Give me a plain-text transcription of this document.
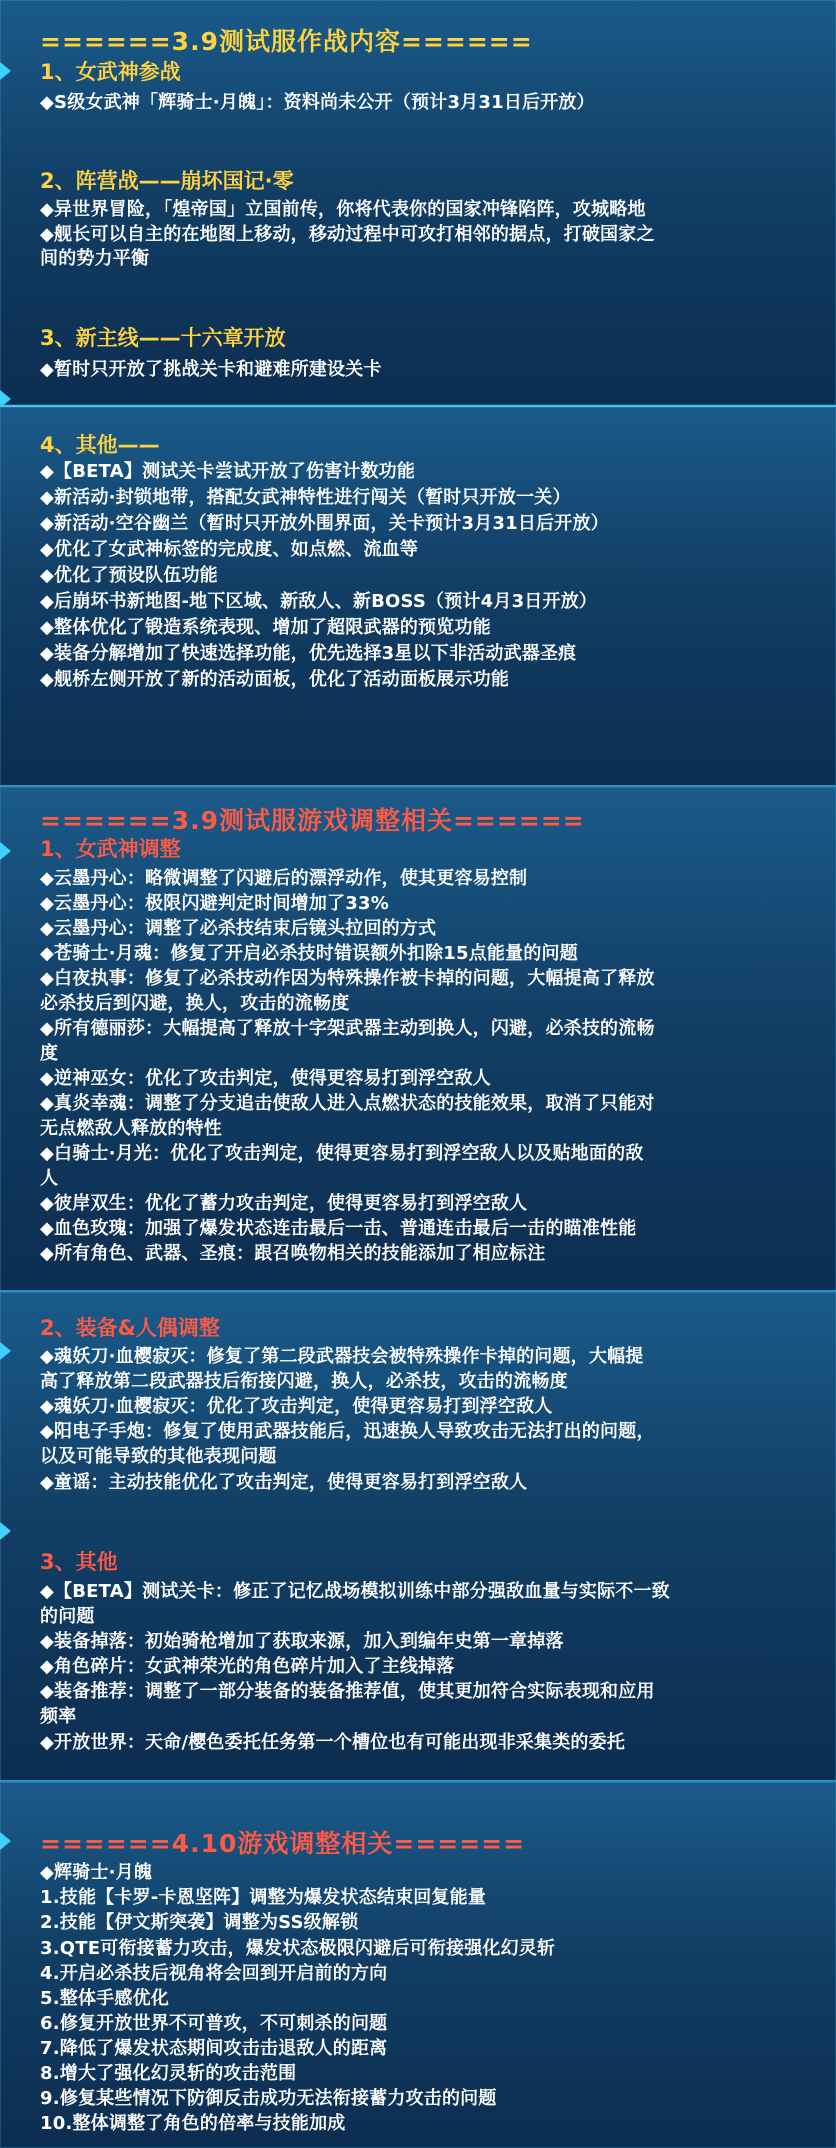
======3.9测试服作战内容======
1、女武神参战
◆S级女武神「辉骑士·月魄」：资料尚未公开（预计3月31日后开放）
2、阵营战——崩坏国记·零
◆异世界冒险，「煌帝国」立国前传，你将代表你的国家冲锋陷阵，攻城略地
◆舰长可以自主的在地图上移动，移动过程中可攻打相邻的据点，打破国家之
间的势力平衡
3、新主线——十六章开放
◆暂时只开放了挑战关卡和避难所建设关卡
4、其他——
◆【BETA】测试关卡尝试开放了伤害计数功能
◆新活动·封锁地带，搭配女武神特性进行闯关（暂时只开放一关）
◆新活动·空谷幽兰（暂时只开放外围界面，关卡预计3月31日后开放）
◆优化了女武神标签的完成度、如点燃、流血等
◆优化了预设队伍功能
◆后崩坏书新地图-地下区域、新敌人、新BOSS（预计4月3日开放）
◆整体优化了锻造系统表现、增加了超限武器的预览功能
◆装备分解增加了快速选择功能，优先选择3星以下非活动武器圣痕
◆舰桥左侧开放了新的活动面板，优化了活动面板展示功能
======3.9测试服游戏调整相关======
1、女武神调整
◆云墨丹心：略微调整了闪避后的漂浮动作，使其更容易控制
◆云墨丹心：极限闪避判定时间增加了33%
◆云墨丹心：调整了必杀技结束后镜头拉回的方式
◆苍骑士·月魂：修复了开启必杀技时错误额外扣除15点能量的问题
◆白夜执事：修复了必杀技动作因为特殊操作被卡掉的问题，大幅提高了释放
必杀技后到闪避，换人，攻击的流畅度
◆所有德丽莎：大幅提高了释放十字架武器主动到换人，闪避，必杀技的流畅
度
◆逆神巫女：优化了攻击判定，使得更容易打到浮空敌人
◆真炎幸魂：调整了分支追击使敌人进入点燃状态的技能效果，取消了只能对
无点燃敌人释放的特性
◆白骑士·月光：优化了攻击判定，使得更容易打到浮空敌人以及贴地面的敌
人
◆彼岸双生：优化了蓄力攻击判定，使得更容易打到浮空敌人
◆血色玫瑰：加强了爆发状态连击最后一击、普通连击最后一击的瞄准性能
◆所有角色、武器、圣痕：跟召唤物相关的技能添加了相应标注
2、装备&人偶调整
◆魂妖刀·血樱寂灭：修复了第二段武器技会被特殊操作卡掉的问题，大幅提
高了释放第二段武器技后衔接闪避，换人，必杀技，攻击的流畅度
◆魂妖刀·血樱寂灭：优化了攻击判定，使得更容易打到浮空敌人
◆阳电子手炮：修复了使用武器技能后，迅速换人导致攻击无法打出的问题，
以及可能导致的其他表现问题
◆童谣：主动技能优化了攻击判定，使得更容易打到浮空敌人
3、其他
◆【BETA】测试关卡：修正了记忆战场模拟训练中部分强敌血量与实际不一致
的问题
◆装备掉落：初始骑枪增加了获取来源，加入到编年史第一章掉落
◆角色碎片：女武神荣光的角色碎片加入了主线掉落
◆装备推荐：调整了一部分装备的装备推荐值，使其更加符合实际表现和应用
频率
◆开放世界：天命/樱色委托任务第一个槽位也有可能出现非采集类的委托
======4.10游戏调整相关======
◆辉骑士·月魄
1.技能【卡罗-卡恩坚阵】调整为爆发状态结束回复能量
2.技能【伊文斯突袭】调整为SS级解锁
3.QTE可衔接蓄力攻击，爆发状态极限闪避后可衔接强化幻灵斩
4.开启必杀技后视角将会回到开启前的方向
5.整体手感优化
6.修复开放世界不可普攻，不可刺杀的问题
7.降低了爆发状态期间攻击击退敌人的距离
8.增大了强化幻灵斩的攻击范围
9.修复某些情况下防御反击成功无法衔接蓄力攻击的问题
10.整体调整了角色的倍率与技能加成
